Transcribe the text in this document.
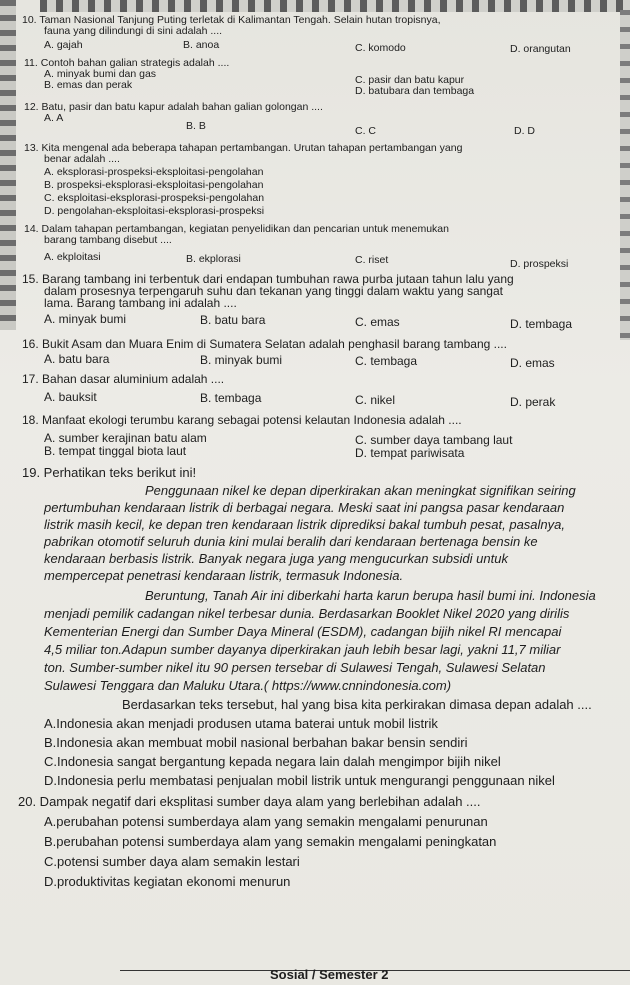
10. Taman Nasional Tanjung Puting terletak di Kalimantan Tengah. Selain hutan tropisnya,
fauna yang dilindungi di sini adalah ....
A. gajah	B. anoa	C. komodo	D. orangutan
11. Contoh bahan galian strategis adalah ....
A. minyak bumi dan gas
B. emas dan perak	C. pasir dan batu kapur
D. batubara dan tembaga
12. Batu, pasir dan batu kapur adalah bahan galian golongan ....
A. A
B. B	C. C	D. D
13. Kita mengenal ada beberapa tahapan pertambangan. Urutan tahapan pertambangan yang
benar adalah ....
A. eksplorasi-prospeksi-eksploitasi-pengolahan
B. prospeksi-eksplorasi-eksploitasi-pengolahan
C. eksploitasi-eksplorasi-prospeksi-pengolahan
D. pengolahan-eksploitasi-eksplorasi-prospeksi
14. Dalam tahapan pertambangan, kegiatan penyelidikan dan pencarian untuk menemukan
barang tambang disebut ....
A. ekploitasi	B. ekplorasi	C. riset	D. prospeksi
15. Barang tambang ini terbentuk dari endapan tumbuhan rawa purba jutaan tahun lalu yang
dalam prosesnya terpengaruh suhu dan tekanan yang tinggi dalam waktu yang sangat
lama. Barang tambang ini adalah ....
A. minyak bumi	B. batu bara	C. emas	D. tembaga
16. Bukit Asam dan Muara Enim di Sumatera Selatan adalah penghasil barang tambang ....
A. batu bara	B. minyak bumi	C. tembaga	D. emas
17. Bahan dasar aluminium adalah ....
A. bauksit	B. tembaga	C. nikel	D. perak
18. Manfaat ekologi terumbu karang sebagai potensi kelautan Indonesia adalah ....
A. sumber kerajinan batu alam
B. tempat tinggal biota laut
C. sumber daya tambang laut
D. tempat pariwisata
19. Perhatikan teks berikut ini!
Penggunaan nikel ke depan diperkirakan akan meningkat signifikan seiring
pertumbuhan kendaraan listrik di berbagai negara. Meski saat ini pangsa pasar kendaraan
listrik masih kecil, ke depan tren kendaraan listrik diprediksi bakal tumbuh pesat, pasalnya,
pabrikan otomotif seluruh dunia kini mulai beralih dari kendaraan bertenaga bensin ke
kendaraan berbasis listrik. Banyak negara juga yang mengucurkan subsidi untuk
mempercepat penetrasi kendaraan listrik, termasuk Indonesia.
Beruntung, Tanah Air ini diberkahi harta karun berupa hasil bumi ini. Indonesia
menjadi pemilik cadangan nikel terbesar dunia. Berdasarkan Booklet Nikel 2020 yang dirilis
Kementerian Energi dan Sumber Daya Mineral (ESDM), cadangan bijih nikel RI mencapai
4,5 miliar ton.Adapun sumber dayanya diperkirakan jauh lebih besar lagi, yakni 11,7 miliar
ton. Sumber-sumber nikel itu 90 persen tersebar di Sulawesi Tengah, Sulawesi Selatan
Sulawesi Tenggara dan Maluku Utara.( https://www.cnnindonesia.com)
Berdasarkan teks tersebut, hal yang bisa kita perkirakan dimasa depan adalah ....
A.Indonesia akan menjadi produsen utama baterai untuk mobil listrik
B.Indonesia akan membuat mobil nasional berbahan bakar bensin sendiri
C.Indonesia sangat bergantung kepada negara lain dalah mengimpor bijih nikel
D.Indonesia perlu membatasi penjualan mobil listrik untuk mengurangi penggunaan nikel
20. Dampak negatif dari eksplitasi sumber daya alam yang berlebihan adalah ....
A.perubahan potensi sumberdaya alam yang semakin mengalami penurunan
B.perubahan potensi sumberdaya alam yang semakin mengalami peningkatan
C.potensi sumber daya alam semakin lestari
D.produktivitas kegiatan ekonomi menurun
Sosial / Semester 2
